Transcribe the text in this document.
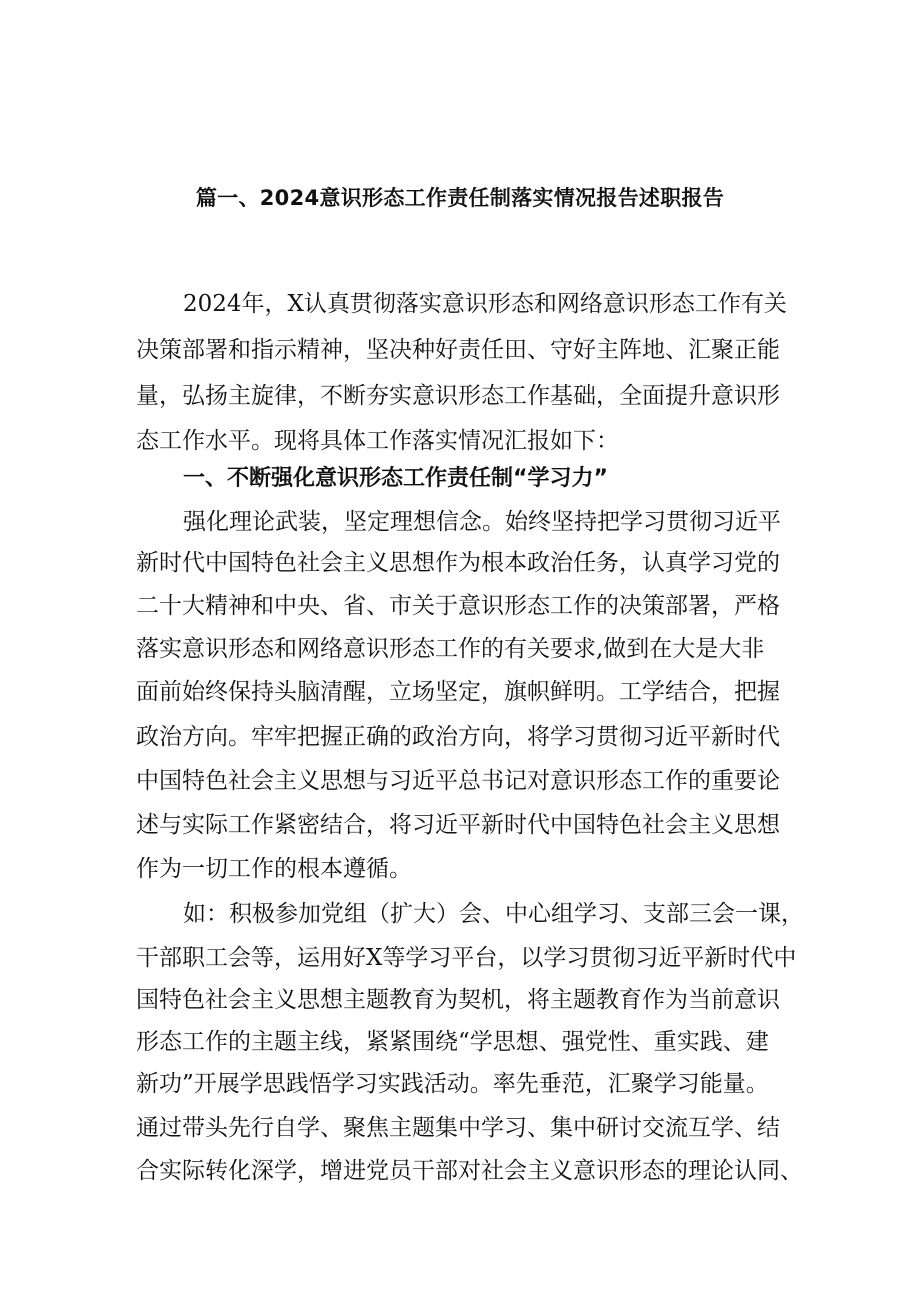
篇一、2024意识形态工作责任制落实情况报告述职报告

2024年，X认真贯彻落实意识形态和网络意识形态工作有关

决策部署和指示精神，坚决种好责任田、守好主阵地、汇聚正能

量，弘扬主旋律，不断夯实意识形态工作基础，全面提升意识形

态工作水平。现将具体工作落实情况汇报如下：

一、不断强化意识形态工作责任制“学习力”

强化理论武装，坚定理想信念。始终坚持把学习贯彻习近平

新时代中国特色社会主义思想作为根本政治任务，认真学习党的

二十大精神和中央、省、市关于意识形态工作的决策部署，严格

落实意识形态和网络意识形态工作的有关要求,做到在大是大非

面前始终保持头脑清醒，立场坚定，旗帜鲜明。工学结合，把握

政治方向。牢牢把握正确的政治方向，将学习贯彻习近平新时代

中国特色社会主义思想与习近平总书记对意识形态工作的重要论

述与实际工作紧密结合，将习近平新时代中国特色社会主义思想

作为一切工作的根本遵循。

如：积极参加党组（扩大）会、中心组学习、支部三会一课，

干部职工会等，运用好X等学习平台，以学习贯彻习近平新时代中

国特色社会主义思想主题教育为契机，将主题教育作为当前意识

形态工作的主题主线，紧紧围绕“学思想、强党性、重实践、建

新功”开展学思践悟学习实践活动。率先垂范，汇聚学习能量。

通过带头先行自学、聚焦主题集中学习、集中研讨交流互学、结

合实际转化深学，增进党员干部对社会主义意识形态的理论认同、
